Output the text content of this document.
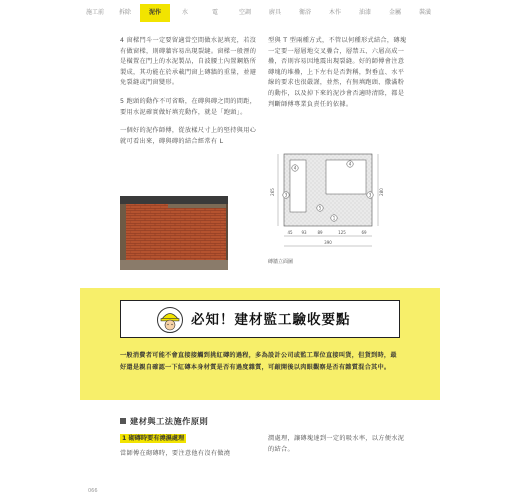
施工前	拆除	泥作	水	電	空調	廚具	衛浴	木作	油漆	金屬	裝潢

4 窗樑門斗一定要留適當空間做水泥填充，若沒有做窗樑，則磚牆容易出現裂縫。窗樑一般溼的是橫置在門上的水泥製品，自波腰土內置鋼筋所製成，其功能在於承載門窗上磚牆的重量，並避免裂縫或門窗變形。

5 跑頭的動作不可省略，在磚與磚之間的間距，要用水泥確實做好填充動作，就是「跑頭」。

一個好的泥作師傅，從放樣尺寸上的堅持與用心就可看出來，磚與磚的結合經常有 L

型與 T 型兩種方式，不管以何種形式結合，磚塊一定要一層層地交叉疊合，層禁五、六層高成一疊，否則容易因地震出現裂縫。好的師傅會注意磚塊的堆疊，上下左右是否對稱，對垂直、水平線的要求也很嚴謹，並然，有無填跑頭、撒滿粉的動作，以及掉下來的泥沙會否適時清除，都是判斷師傅專業負責任的依據。

4
4
3	3
5
1
45 93	89	125	69
390
265	280
磚牆立面圖
必知！建材監工驗收要點
一般消費者可能不會直接接觸到挑紅磚的過程，多為設計公司或監工單位直接叫貨，但貨到時，最好還是親自確認一下紅磚本身材質是否有過度雜質，可敲開後以肉眼觀察是否有雜質混合其中。
建材與工法施作原則
1 砌磚時要有澆濕處理
當師傅在砌磚時，要注意他有沒有做澆
潤處理，讓磚塊達到一定的吸水率，以方便水泥的結合。
066
